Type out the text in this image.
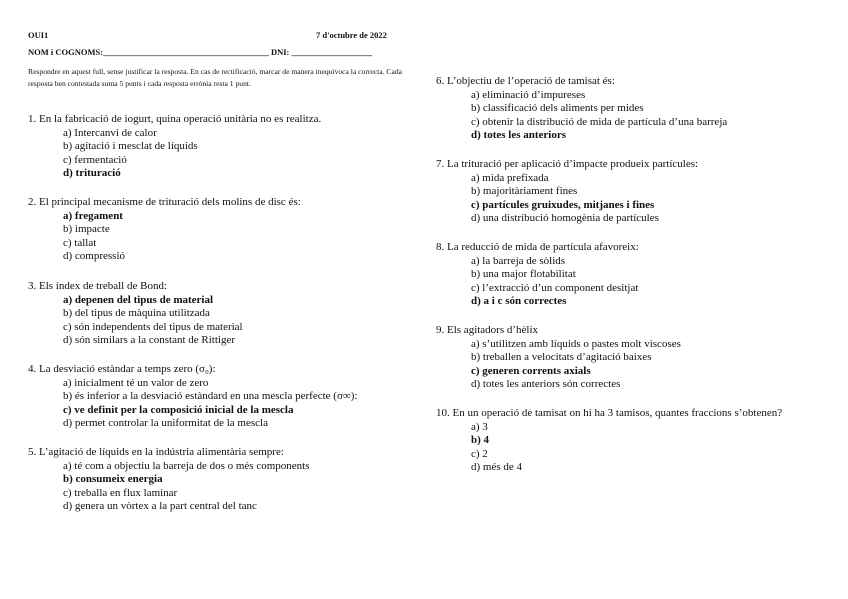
OUI1	7 d'octubre de 2022
NOM i COGNOMS:_______________________________________ DNI: ___________________
Respondre en aquest full, sense justificar la resposta. En cas de rectificació, marcar de manera inequívoca la correcta. Cada resposta ben contestada suma 5 punts i cada resposta errònia resta 1 punt.
1. En la fabricació de iogurt, quina operació unitària no es realitza.
a) Intercanvi de calor
b) agitació i mesclat de líquids
c) fermentació
d) trituració
2. El principal mecanisme de trituració dels molins de disc és:
a) fregament
b) impacte
c) tallat
d) compressió
3. Els índex de treball de Bond:
a) depenen del tipus de material
b) del tipus de màquina utilitzada
c) són independents del tipus de material
d) són similars a la constant de Rittiger
4. La desviació estàndar a temps zero (σ₀):
a) inicialment té un valor de zero
b) és inferior a la desviació estàndard en una mescla perfecte (σ∞):
c) ve definit per la composició inicial de la mescla
d) permet controlar la uniformitat de la mescla
5. L’agitació de líquids en la indústria alimentària sempre:
a) té com a objectiu la barreja de dos o més components
b) consumeix energia
c) treballa en flux laminar
d) genera un vòrtex a la part central del tanc
6. L’objectiu de l’operació de tamisat és:
a) eliminació d’impureses
b) classificació dels aliments per mides
c) obtenir la distribució de mida de partícula d’una barreja
d) totes les anteriors
7. La trituració per aplicació d’impacte produeix partícules:
a) mida prefixada
b) majoritàriament fines
c) partícules gruixudes, mitjanes i fines
d) una distribució homogènia de partícules
8. La reducció de mida de partícula afavoreix:
a) la barreja de sòlids
b) una major flotabilitat
c) l’extracció d’un component desitjat
d) a i c són correctes
9. Els agitadors d’hèlix
a) s’utilitzen amb líquids o pastes molt viscoses
b) treballen a velocitats d’agitació baixes
c) generen corrents axials
d) totes les anteriors són correctes
10. En un operació de tamisat on hi ha 3 tamisos, quantes fraccions s’obtenen?
a) 3
b) 4
c) 2
d) més de 4
